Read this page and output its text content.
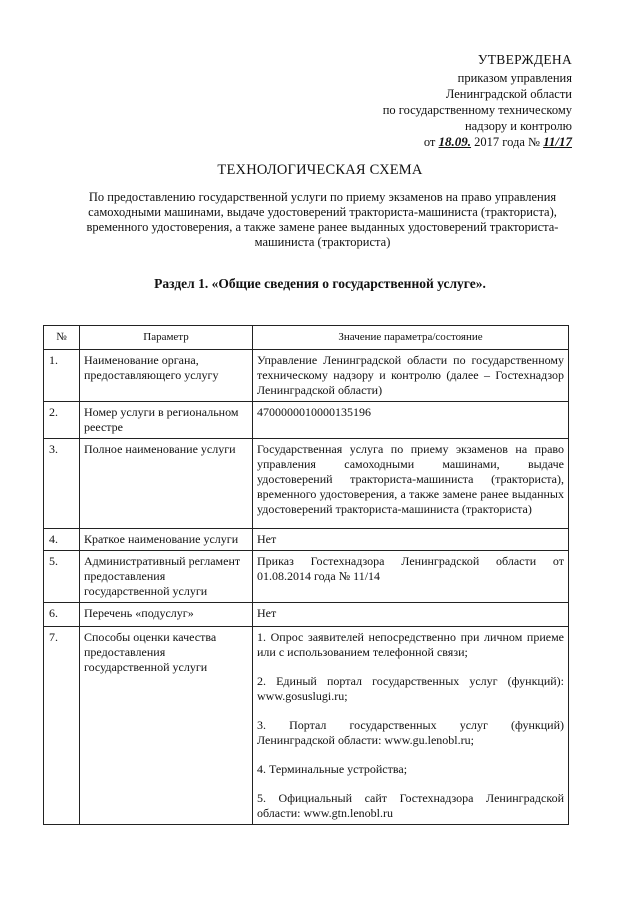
УТВЕРЖДЕНА
приказом управления
Ленинградской области
по государственному техническому
надзору и контролю
от 18.09. 2017 года № 11/17
ТЕХНОЛОГИЧЕСКАЯ СХЕМА
По предоставлению государственной услуги по приему экзаменов на право управления самоходными машинами, выдаче удостоверений тракториста-машиниста (тракториста), временного удостоверения, а также замене ранее выданных удостоверений тракториста-машиниста (тракториста)
Раздел 1. «Общие сведения о государственной услуге».
№	Параметр	Значение параметра/состояние
1.	Наименование органа, предоставляющего услугу	Управление Ленинградской области по государственному техническому надзору и контролю (далее – Гостехнадзор Ленинградской области)
2.	Номер услуги в региональном реестре	4700000010000135196
3.	Полное наименование услуги	Государственная услуга по приему экзаменов на право управления самоходными машинами, выдаче удостоверений тракториста-машиниста (тракториста), временного удостоверения, а также замене ранее выданных удостоверений тракториста-машиниста (тракториста)
4.	Краткое наименование услуги	Нет
5.	Административный регламент предоставления государственной услуги	Приказ Гостехнадзора Ленинградской области от 01.08.2014 года № 11/14
6.	Перечень «подуслуг»	Нет
7.	Способы оценки качества предоставления государственной услуги	1. Опрос заявителей непосредственно при личном приеме или с использованием телефонной связи;
2. Единый портал государственных услуг (функций): www.gosuslugi.ru;
3. Портал государственных услуг (функций) Ленинградской области: www.gu.lenobl.ru;
4. Терминальные устройства;
5. Официальный сайт Гостехнадзора Ленинградской области: www.gtn.lenobl.ru
